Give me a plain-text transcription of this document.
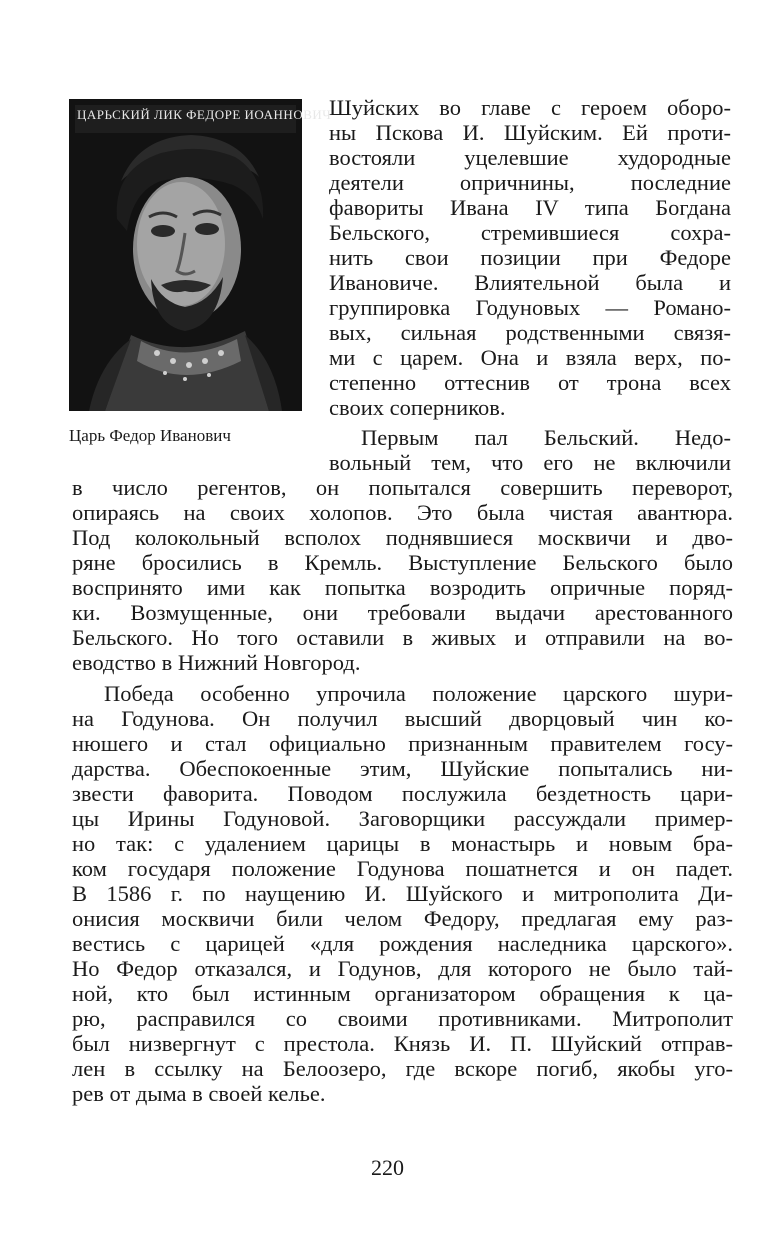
ЦАРЬСКИЙ ЛИК ФЕДОРЕ ИОАННОВИЧ
Царь Федор Иванович

Шуйских во главе с героем оборо-

ны Пскова И. Шуйским. Ей проти-

востояли уцелевшие худородные

деятели опричнины, последние

фавориты Ивана IV типа Богдана

Бельского, стремившиеся сохра-

нить свои позиции при Федоре

Ивановиче. Влиятельной была и

группировка Годуновых — Романо-

вых, сильная родственными связя-

ми с царем. Она и взяла верх, по-

степенно оттеснив от трона всех

своих соперников.

Первым пал Бельский. Недо-

вольный тем, что его не включили

в число регентов, он попытался совершить переворот,

опираясь на своих холопов. Это была чистая авантюра.

Под колокольный всполох поднявшиеся москвичи и дво-

ряне бросились в Кремль. Выступление Бельского было

воспринято ими как попытка возродить опричные поряд-

ки. Возмущенные, они требовали выдачи арестованного

Бельского. Но того оставили в живых и отправили на во-

еводство в Нижний Новгород.

Победа особенно упрочила положение царского шури-

на Годунова. Он получил высший дворцовый чин ко-

нюшего и стал официально признанным правителем госу-

дарства. Обеспокоенные этим, Шуйские попытались ни-

звести фаворита. Поводом послужила бездетность цари-

цы Ирины Годуновой. Заговорщики рассуждали пример-

но так: с удалением царицы в монастырь и новым бра-

ком государя положение Годунова пошатнется и он падет.

В 1586 г. по наущению И. Шуйского и митрополита Ди-

онисия москвичи били челом Федору, предлагая ему раз-

вестись с царицей «для рождения наследника царского».

Но Федор отказался, и Годунов, для которого не было тай-

ной, кто был истинным организатором обращения к ца-

рю, расправился со своими противниками. Митрополит

был низвергнут с престола. Князь И. П. Шуйский отправ-

лен в ссылку на Белоозеро, где вскоре погиб, якобы уго-

рев от дыма в своей келье.

220
